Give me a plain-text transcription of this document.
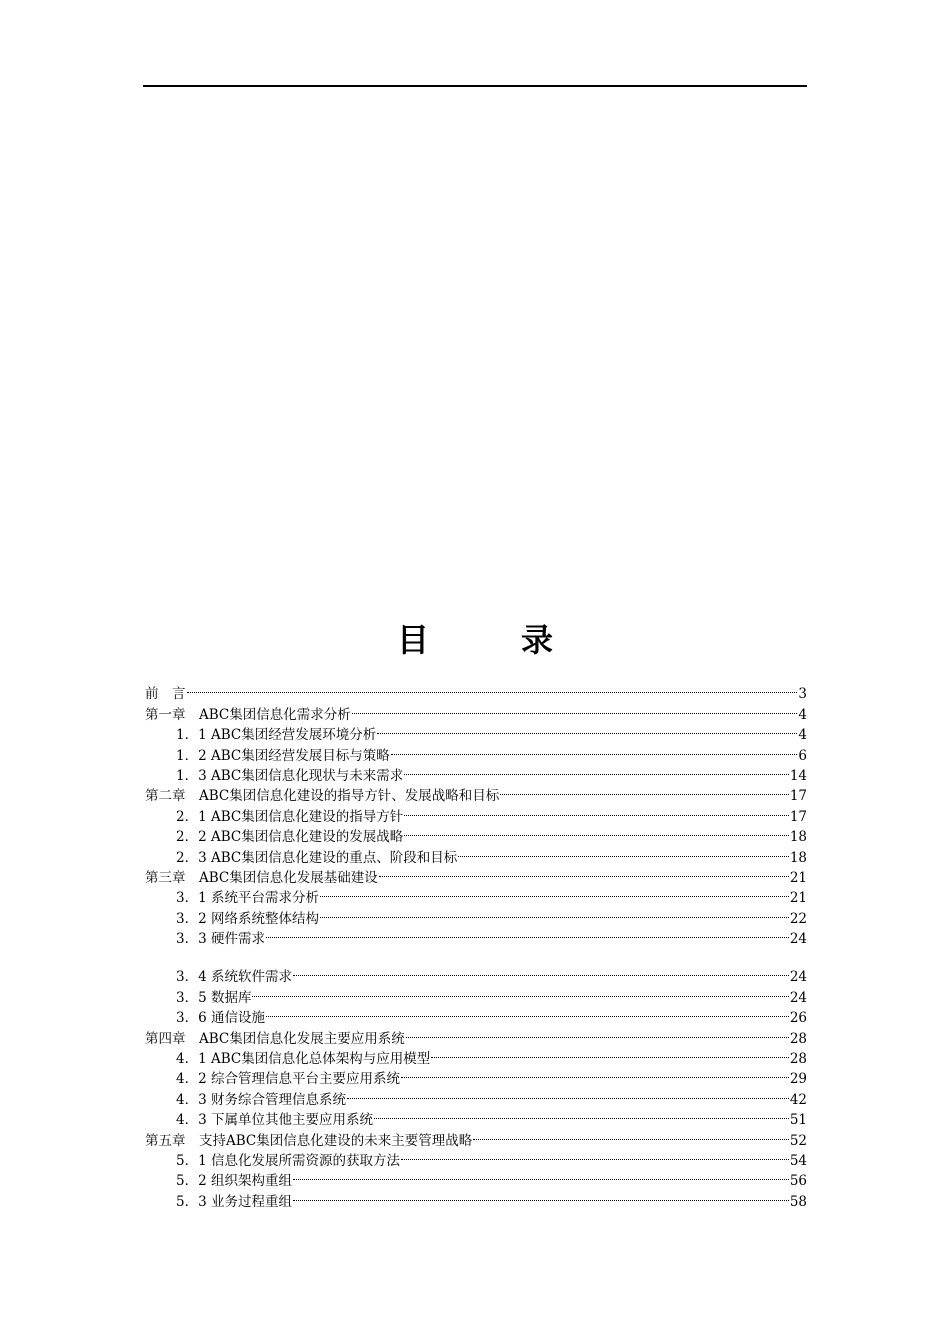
目　录
前　言	3
第一章　ABC集团信息化需求分析	4
1．1 ABC集团经营发展环境分析	4
1．2 ABC集团经营发展目标与策略	6
1．3 ABC集团信息化现状与未来需求	14
第二章　ABC集团信息化建设的指导方针、发展战略和目标	17
2．1 ABC集团信息化建设的指导方针	17
2．2 ABC集团信息化建设的发展战略	18
2．3 ABC集团信息化建设的重点、阶段和目标	18
第三章　ABC集团信息化发展基础建设	21
3．1 系统平台需求分析	21
3．2 网络系统整体结构	22
3．3 硬件需求	24
3．4 系统软件需求	24
3．5 数据库	24
3．6 通信设施	26
第四章　ABC集团信息化发展主要应用系统	28
4．1 ABC集团信息化总体架构与应用模型	28
4．2 综合管理信息平台主要应用系统	29
4．3 财务综合管理信息系统	42
4．3 下属单位其他主要应用系统	51
第五章　支持ABC集团信息化建设的未来主要管理战略	52
5．1 信息化发展所需资源的获取方法	54
5．2 组织架构重组	56
5．3 业务过程重组	58
